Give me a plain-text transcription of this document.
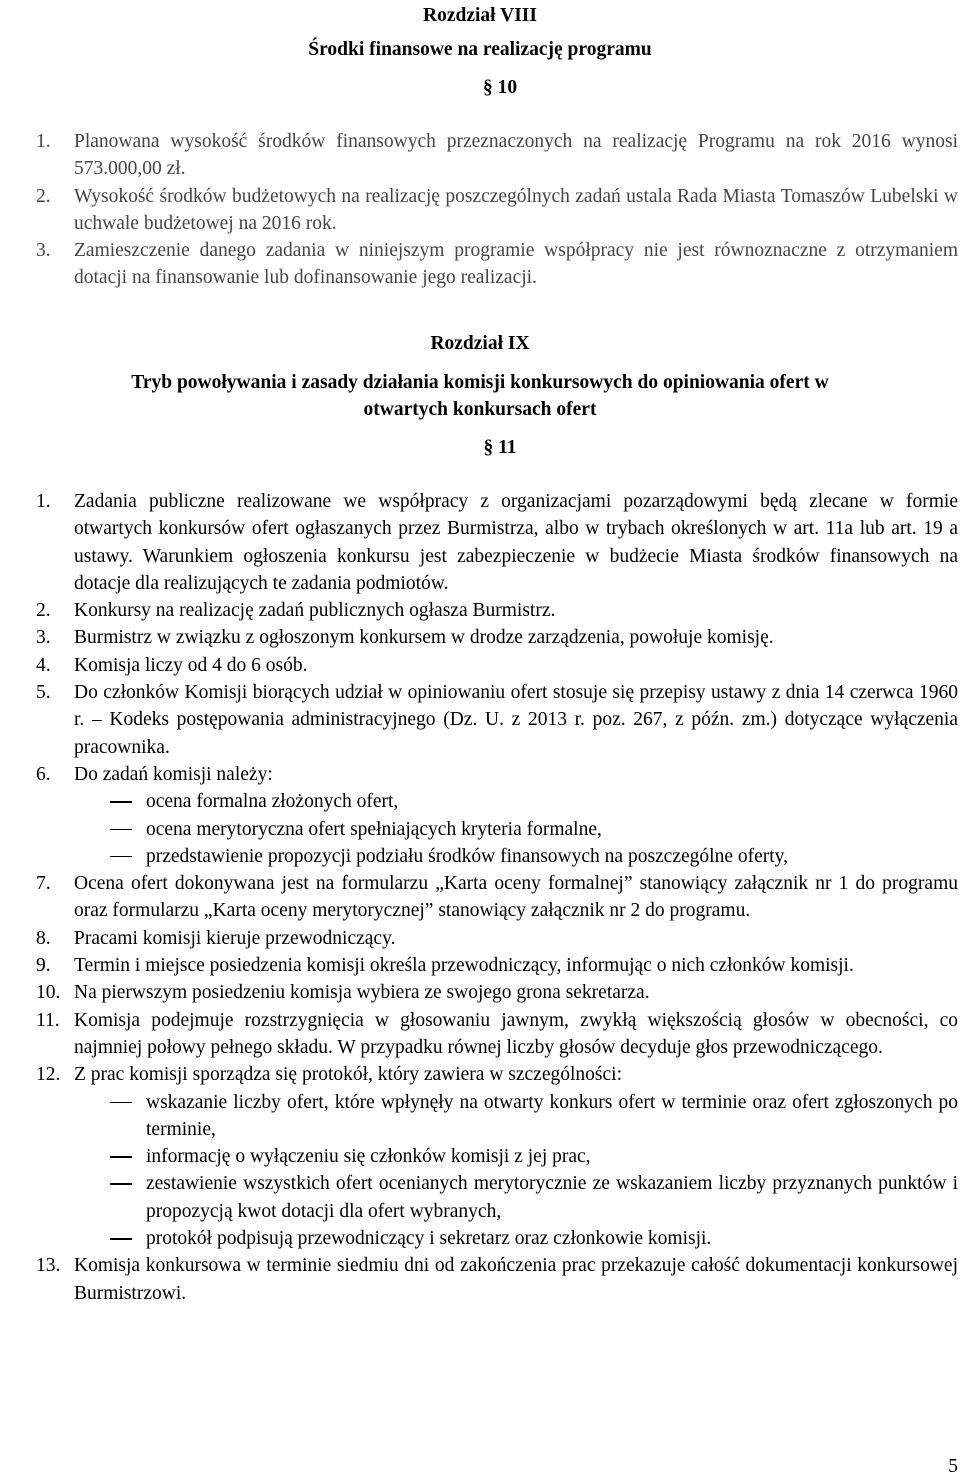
Rozdział VIII
Środki finansowe na realizację programu
§ 10
1.	Planowana wysokość środków finansowych przeznaczonych na realizację Programu na rok 2016 wynosi 573.000,00 zł.
2.	Wysokość środków budżetowych na realizację poszczególnych zadań ustala Rada Miasta Tomaszów Lubelski w uchwale budżetowej na 2016 rok.
3.	Zamieszczenie danego zadania w niniejszym programie współpracy nie jest równoznaczne z otrzymaniem dotacji na finansowanie lub dofinansowanie jego realizacji.
Rozdział IX
Tryb powoływania i zasady działania komisji konkursowych do opiniowania ofert w
otwartych konkursach ofert
§ 11
1.	Zadania publiczne realizowane we współpracy z organizacjami pozarządowymi będą zlecane w formie otwartych konkursów ofert ogłaszanych przez Burmistrza, albo w trybach określonych w art. 11a lub art. 19 a ustawy. Warunkiem ogłoszenia konkursu jest zabezpieczenie w budżecie Miasta środków finansowych na dotacje dla realizujących te zadania podmiotów.
2.	Konkursy na realizację zadań publicznych ogłasza Burmistrz.
3.	Burmistrz w związku z ogłoszonym konkursem w drodze zarządzenia, powołuje komisję.
4.	Komisja liczy od 4 do 6 osób.
5.	Do członków Komisji biorących udział w opiniowaniu ofert stosuje się przepisy ustawy z dnia 14 czerwca 1960 r. – Kodeks postępowania administracyjnego (Dz. U. z 2013 r. poz. 267, z późn. zm.) dotyczące wyłączenia pracownika.
6.	Do zadań komisji należy:
ocena formalna złożonych ofert,
ocena merytoryczna ofert spełniających kryteria formalne,
przedstawienie propozycji podziału środków finansowych na poszczególne oferty,
7.	Ocena ofert dokonywana jest na formularzu „Karta oceny formalnej” stanowiący załącznik nr 1 do programu oraz formularzu „Karta oceny merytorycznej” stanowiący załącznik nr 2 do programu.
8.	Pracami komisji kieruje przewodniczący.
9.	Termin i miejsce posiedzenia komisji określa przewodniczący, informując o nich członków komisji.
10. Na pierwszym posiedzeniu komisja wybiera ze swojego grona sekretarza.
11. Komisja podejmuje rozstrzygnięcia w głosowaniu jawnym, zwykłą większością głosów w obecności, co najmniej połowy pełnego składu. W przypadku równej liczby głosów decyduje głos przewodniczącego.
12. Z prac komisji sporządza się protokół, który zawiera w szczególności:
wskazanie liczby ofert, które wpłynęły na otwarty konkurs ofert w terminie oraz ofert zgłoszonych po terminie,
informację o wyłączeniu się członków komisji z jej prac,
zestawienie wszystkich ofert ocenianych merytorycznie ze wskazaniem liczby przyznanych punktów i propozycją kwot dotacji dla ofert wybranych,
protokół podpisują przewodniczący i sekretarz oraz członkowie komisji.
13. Komisja konkursowa w terminie siedmiu dni od zakończenia prac przekazuje całość dokumentacji konkursowej Burmistrzowi.
5
